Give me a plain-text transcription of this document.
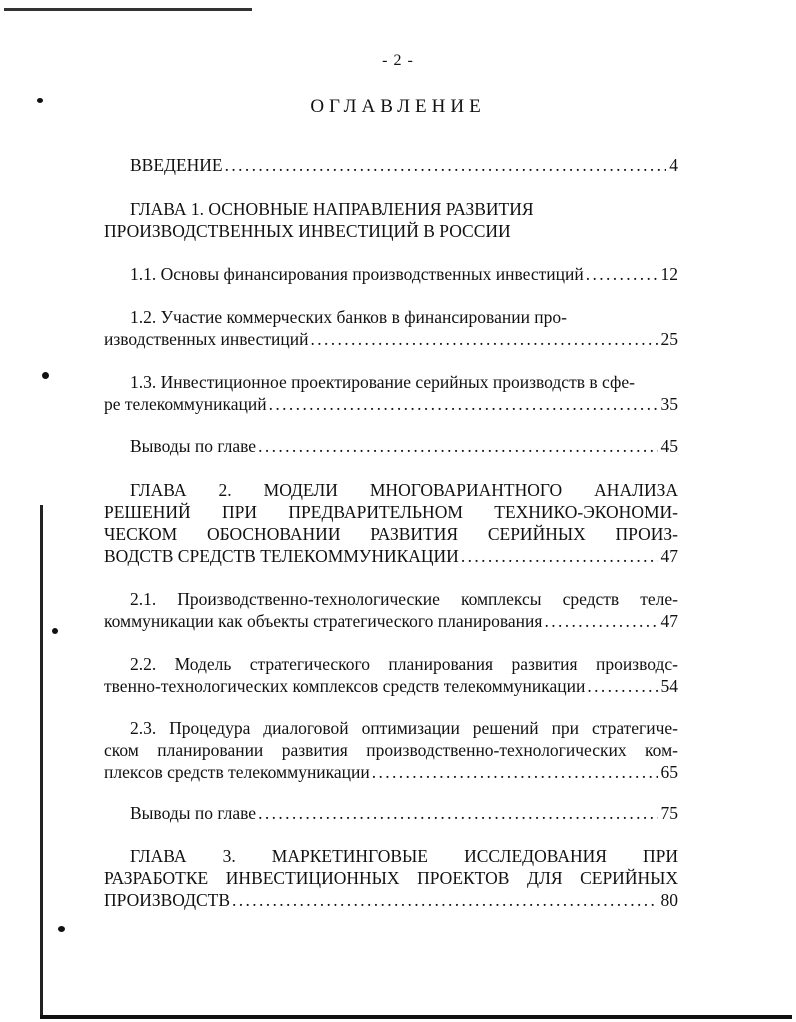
- 2 -
ОГЛАВЛЕНИЕ
ВВЕДЕНИЕ . . .	4
ГЛАВА 1. ОСНОВНЫЕ НАПРАВЛЕНИЯ РАЗВИТИЯ
ПРОИЗВОДСТВЕННЫХ ИНВЕСТИЦИЙ В РОССИИ
1.1. Основы финансирования производственных инвестиций . . .	12
1.2. Участие коммерческих банков в финансировании про-
изводственных инвестиций . . .	25
1.3. Инвестиционное проектирование серийных производств в сфе-
ре телекоммуникаций . . .	35
Выводы по главе . . .	45
ГЛАВА 2. МОДЕЛИ МНОГОВАРИАНТНОГО АНАЛИЗА
РЕШЕНИЙ ПРИ ПРЕДВАРИТЕЛЬНОМ ТЕХНИКО-ЭКОНОМИ-
ЧЕСКОМ ОБОСНОВАНИИ РАЗВИТИЯ СЕРИЙНЫХ ПРОИЗ-
ВОДСТВ СРЕДСТВ ТЕЛЕКОММУНИКАЦИИ . . .	47
2.1. Производственно-технологические комплексы средств теле-
коммуникации как объекты стратегического планирования . . .	47
2.2. Модель стратегического планирования развития производс-
твенно-технологических комплексов средств телекоммуникации . . .	54
2.3. Процедура диалоговой оптимизации решений при стратегиче-
ском планировании развития производственно-технологических ком-
плексов средств телекоммуникации . . .	65
Выводы по главе . . .	75
ГЛАВА 3. МАРКЕТИНГОВЫЕ ИССЛЕДОВАНИЯ ПРИ
РАЗРАБОТКЕ ИНВЕСТИЦИОННЫХ ПРОЕКТОВ ДЛЯ СЕРИЙНЫХ
ПРОИЗВОДСТВ . . .	80
